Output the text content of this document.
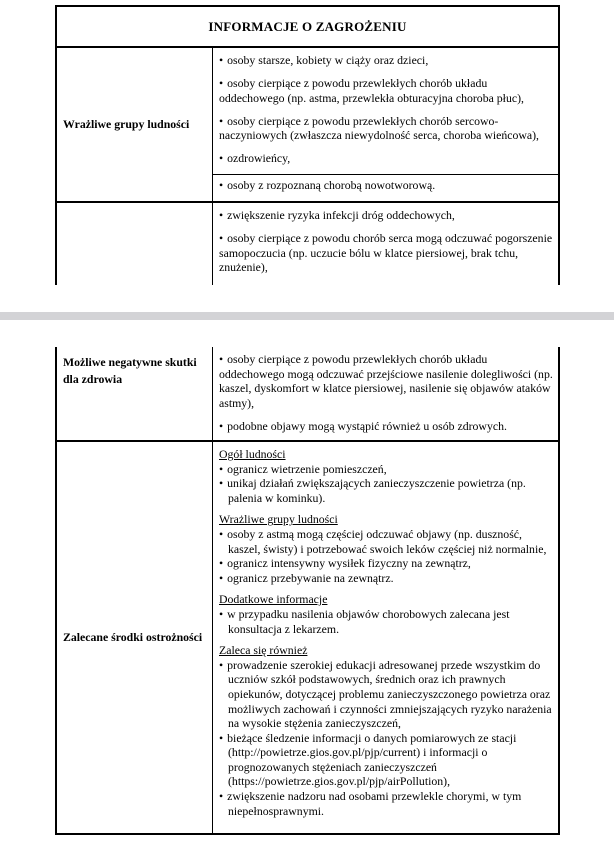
INFORMACJE O ZAGROŻENIU
Wrażliwe grupy ludności
• osoby starsze, kobiety w ciąży oraz dzieci,
• osoby cierpiące z powodu przewlekłych chorób układu oddechowego (np. astma, przewlekła obturacyjna choroba płuc),
• osoby cierpiące z powodu przewlekłych chorób sercowo-naczyniowych (zwłaszcza niewydolność serca, choroba wieńcowa),
• ozdrowieńcy,
• osoby z rozpoznaną chorobą nowotworową.
• zwiększenie ryzyka infekcji dróg oddechowych,
• osoby cierpiące z powodu chorób serca mogą odczuwać pogorszenie samopoczucia (np. uczucie bólu w klatce piersiowej, brak tchu, znużenie),
Możliwe negatywne skutki dla zdrowia
• osoby cierpiące z powodu przewlekłych chorób układu oddechowego mogą odczuwać przejściowe nasilenie dolegliwości (np. kaszel, dyskomfort w klatce piersiowej, nasilenie się objawów ataków astmy),
• podobne objawy mogą wystąpić również u osób zdrowych.
Zalecane środki ostrożności
Ogół ludności
• ogranicz wietrzenie pomieszczeń,
• unikaj działań zwiększających zanieczyszczenie powietrza (np. palenia w kominku).
Wrażliwe grupy ludności
• osoby z astmą mogą częściej odczuwać objawy (np. duszność, kaszel, świsty) i potrzebować swoich leków częściej niż normalnie,
• ogranicz intensywny wysiłek fizyczny na zewnątrz,
• ogranicz przebywanie na zewnątrz.
Dodatkowe informacje
• w przypadku nasilenia objawów chorobowych zalecana jest konsultacja z lekarzem.
Zaleca się również
• prowadzenie szerokiej edukacji adresowanej przede wszystkim do uczniów szkół podstawowych, średnich oraz ich prawnych opiekunów, dotyczącej problemu zanieczyszczonego powietrza oraz możliwych zachowań i czynności zmniejszających ryzyko narażenia na wysokie stężenia zanieczyszczeń,
• bieżące śledzenie informacji o danych pomiarowych ze stacji (http://powietrze.gios.gov.pl/pjp/current) i informacji o prognozowanych stężeniach zanieczyszczeń (https://powietrze.gios.gov.pl/pjp/airPollution),
• zwiększenie nadzoru nad osobami przewlekle chorymi, w tym niepełnosprawnymi.
